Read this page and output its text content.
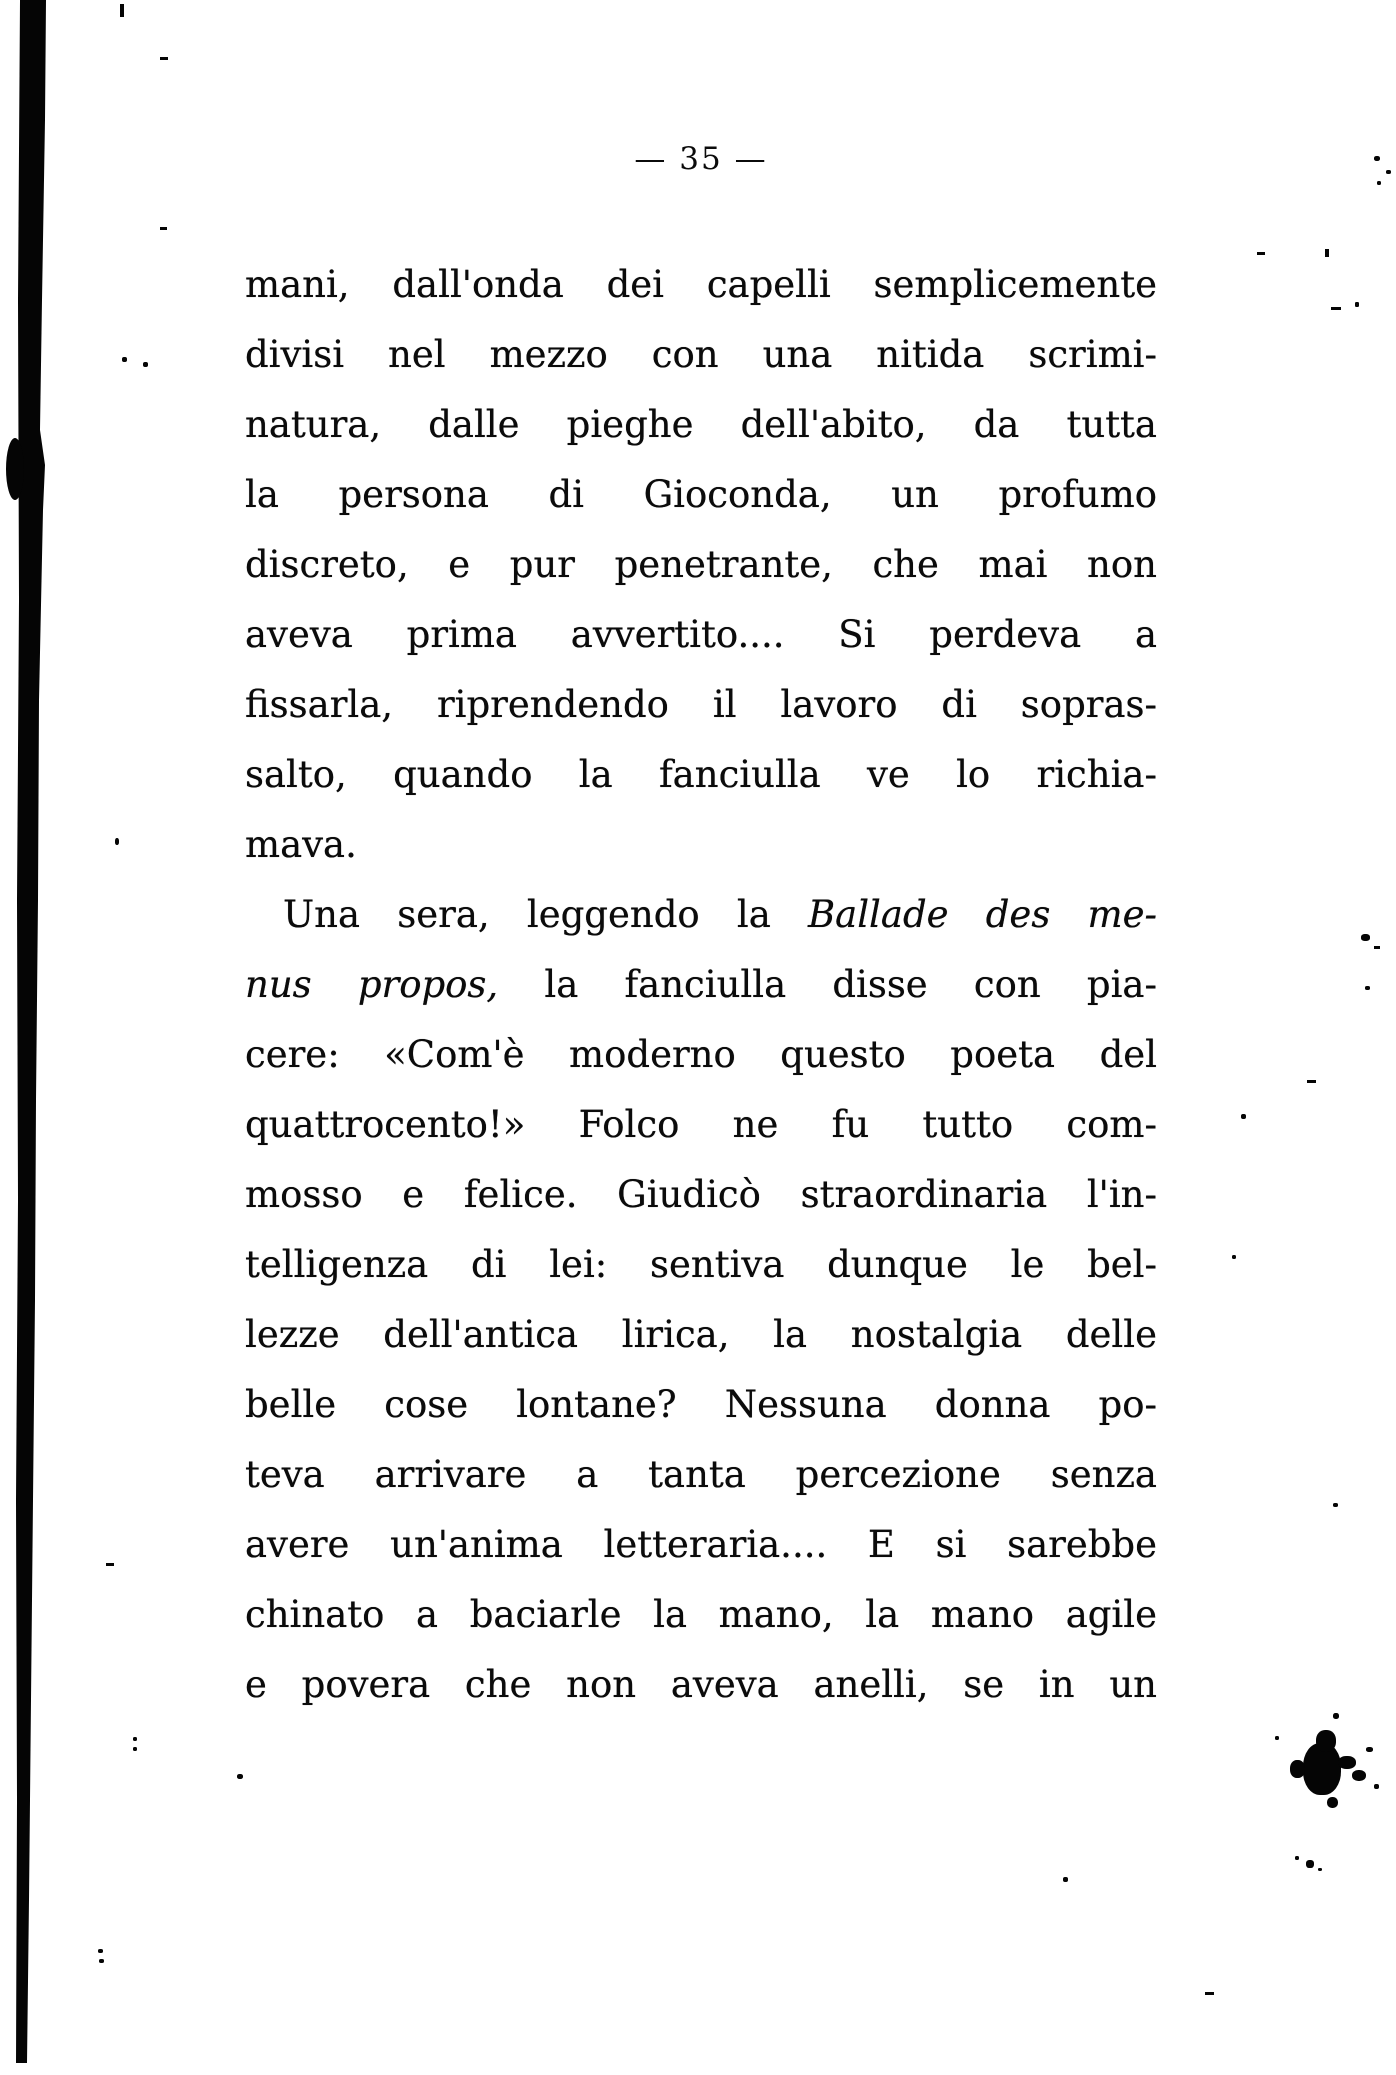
— 35 —
mani, dall'onda dei capelli semplicemente
divisi nel mezzo con una nitida scrimi-
natura, dalle pieghe dell'abito, da tutta
la persona di Gioconda, un profumo
discreto, e pur penetrante, che mai non
aveva prima avvertito.... Si perdeva a
fissarla, riprendendo il lavoro di sopras-
salto, quando la fanciulla ve lo richia-
mava.
Una sera, leggendo la Ballade des me-
nus propos, la fanciulla disse con pia-
cere: «Com'è moderno questo poeta del
quattrocento!» Folco ne fu tutto com-
mosso e felice. Giudicò straordinaria l'in-
telligenza di lei: sentiva dunque le bel-
lezze dell'antica lirica, la nostalgia delle
belle cose lontane? Nessuna donna po-
teva arrivare a tanta percezione senza
avere un'anima letteraria.... E si sarebbe
chinato a baciarle la mano, la mano agile
e povera che non aveva anelli, se in un
